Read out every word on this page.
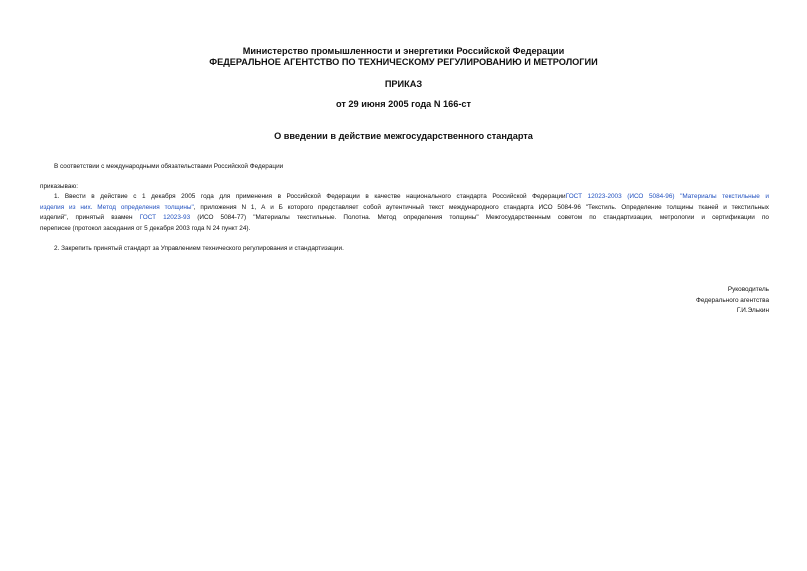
Министерство промышленности и энергетики Российской Федерации
ФЕДЕРАЛЬНОЕ АГЕНТСТВО ПО ТЕХНИЧЕСКОМУ РЕГУЛИРОВАНИЮ И МЕТРОЛОГИИ
ПРИКАЗ
от 29 июня 2005 года N 166-ст
О введении в действие межгосударственного стандарта
В соответствии с международными обязательствами Российской Федерации
приказываю:
1. Ввести в действие с 1 декабря 2005 года для применения в Российской Федерации в качестве национального стандарта Российской ФедерацииГОСТ 12023-2003 (ИСО 5084-96) "Материалы текстильные и
изделия из них. Метод определения толщины", приложения N 1, А и Б которого представляет собой аутентичный текст международного стандарта ИСО 5084-96 "Текстиль. Определение толщины тканей и текстильных
изделий", принятый взамен ГОСТ 12023-93 (ИСО 5084-77) "Материалы текстильные. Полотна. Метод определения толщины" Межгосударственным советом по стандартизации, метрологии и сертификации по
переписке (протокол заседания от 5 декабря 2003 года N 24 пункт 24).
2. Закрепить принятый стандарт за Управлением технического регулирования и стандартизации.
Руководитель
Федерального агентства
Г.И.Элькин
